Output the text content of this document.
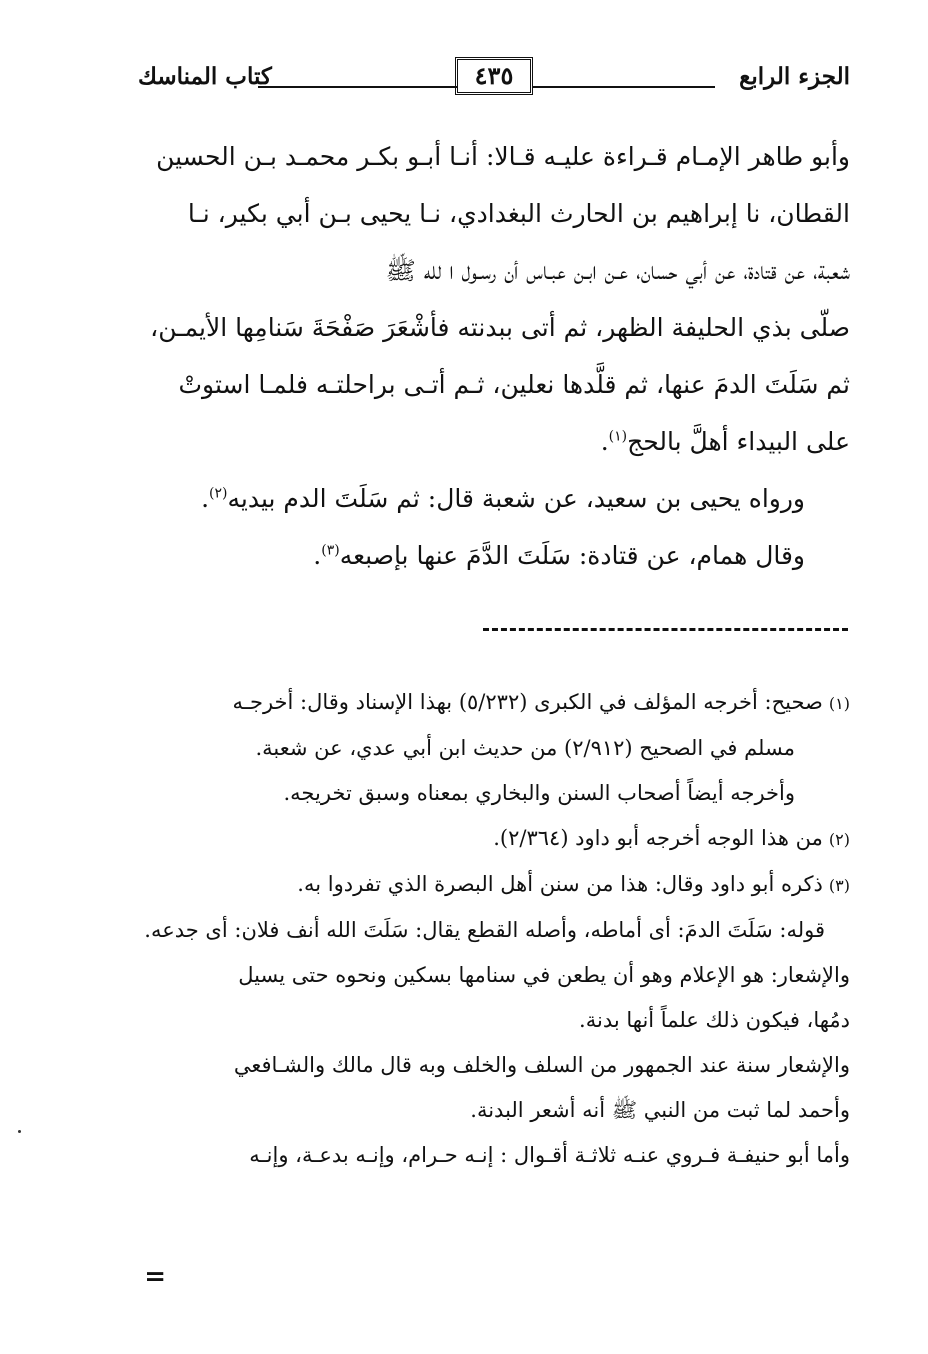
الجزء الرابع
٤٣٥
كتاب المناسك

وأبو طاهر الإمـام قـراءة عليـه قـالا: أنـا أبـو بكـر محمـد بـن الحسين

القطان، نا إبراهيم بن الحارث البغدادي، نـا يحيى بـن أبي بكير، نـا

شعبة، عن قتادة، عن أبي حسان، عـن ابـن عبـاس أن رسـول ا لله ﷺ

صلّى بذي الحليفة الظهر، ثم أتى ببدنته فأشْعَرَ صَفْحَةَ سَنامِها الأيمـن،

ثم سَلَتَ الدمَ عنها، ثم قلَّدها نعلين، ثـم أتـى براحلتـه فلمـا استوتْ

على البيداء أهلَّ بالحج$^{(١)}$.

ورواه يحيى بن سعيد، عن شعبة قال: ثم سَلَتَ الدم بيديه$^{(٢)}$.

وقال همام، عن قتادة: سَلَتَ الدَّمَ عنها بإصبعه$^{(٣)}$.

(١)صحيح: أخرجه المؤلف في الكبرى (٥/٢٣٢) بهذا الإسناد وقال: أخرجـه

مسلم في الصحيح (٢/٩١٢) من حديث ابن أبي عدي، عن شعبة.

وأخرجه أيضاً أصحاب السنن والبخاري بمعناه وسبق تخريجه.

(٢)من هذا الوجه أخرجه أبو داود (٢/٣٦٤).

(٣)ذكره أبو داود وقال: هذا من سنن أهل البصرة الذي تفردوا به.

قوله: سَلَتَ الدمَ: أى أماطه، وأصله القطع يقال: سَلَتَ الله أنف فلان: أى جدعه.

والإشعار: هو الإعلام وهو أن يطعن في سنامها بسكين ونحوه حتى يسيل

دمُها، فيكون ذلك علماً أنها بدنة.

والإشعار سنة عند الجمهور من السلف والخلف وبه قال مالك والشـافعي

وأحمد لما ثبت من النبي ﷺ أنه أشعر البدنة.

وأما أبو حنيفـة فـروي عنـه ثلاثـة أقـوال : إنـه حـرام، وإنـه بدعـة، وإنـه

=
